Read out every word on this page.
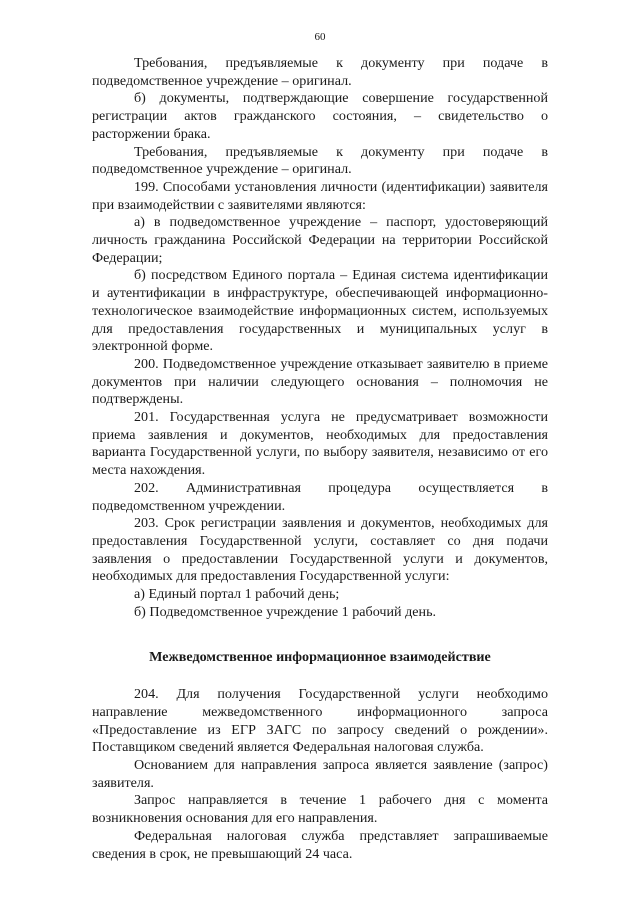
60

Требования, предъявляемые к документу при подаче в подведомственное учреждение – оригинал.

б) документы, подтверждающие совершение государственной регистрации актов гражданского состояния, – свидетельство о расторжении брака.

Требования, предъявляемые к документу при подаче в подведомственное учреждение – оригинал.

199. Способами установления личности (идентификации) заявителя при взаимодействии с заявителями являются:

а) в подведомственное учреждение – паспорт, удостоверяющий личность гражданина Российской Федерации на территории Российской Федерации;

б) посредством Единого портала – Единая система идентификации и аутентификации в инфраструктуре, обеспечивающей информационно-технологическое взаимодействие информационных систем, используемых для предоставления государственных и муниципальных услуг в электронной форме.

200. Подведомственное учреждение отказывает заявителю в приеме документов при наличии следующего основания – полномочия не подтверждены.

201. Государственная услуга не предусматривает возможности приема заявления и документов, необходимых для предоставления варианта Государственной услуги, по выбору заявителя, независимо от его места нахождения.

202. Административная процедура осуществляется в подведомственном учреждении.

203. Срок регистрации заявления и документов, необходимых для предоставления Государственной услуги, составляет со дня подачи заявления о предоставлении Государственной услуги и документов, необходимых для предоставления Государственной услуги:

а) Единый портал 1 рабочий день;

б) Подведомственное учреждение 1 рабочий день.

Межведомственное информационное взаимодействие

204. Для получения Государственной услуги необходимо направление межведомственного информационного запроса «Предоставление из ЕГР ЗАГС по запросу сведений о рождении». Поставщиком сведений является Федеральная налоговая служба.

Основанием для направления запроса является заявление (запрос) заявителя.

Запрос направляется в течение 1 рабочего дня с момента возникновения основания для его направления.

Федеральная налоговая служба представляет запрашиваемые сведения в срок, не превышающий 24 часа.
